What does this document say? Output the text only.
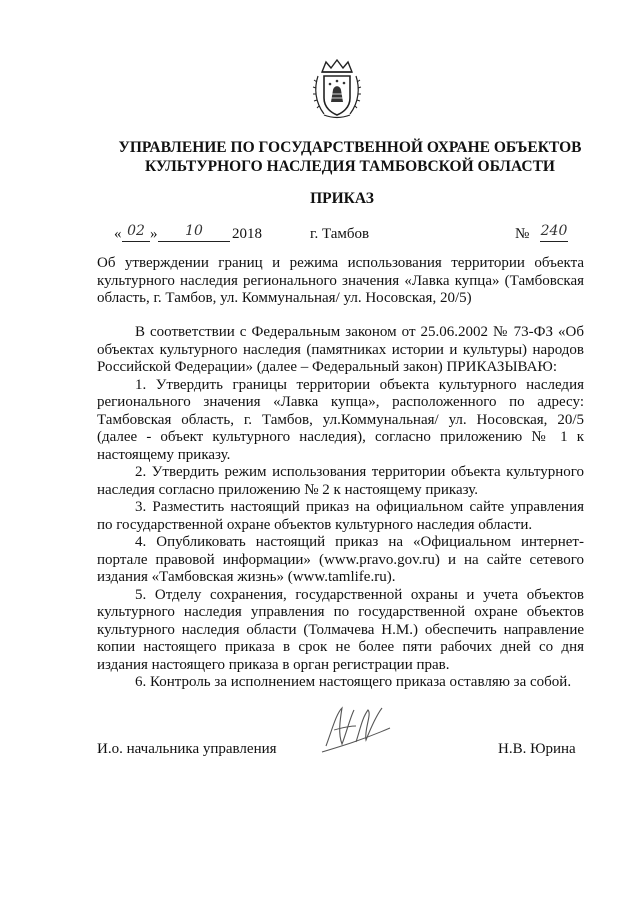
УПРАВЛЕНИЕ ПО ГОСУДАРСТВЕННОЙ ОХРАНЕ ОБЪЕКТОВ
КУЛЬТУРНОГО НАСЛЕДИЯ ТАМБОВСКОЙ ОБЛАСТИ
ПРИКАЗ
« 02 »	10	2018	г. Тамбов	№ 240
Об утверждении границ и режима использования территории объекта культурного наследия регионального значения «Лавка купца» (Тамбовская область, г. Тамбов, ул. Коммунальная/ ул. Носовская, 20/5)

В соответствии с Федеральным законом от 25.06.2002 № 73-ФЗ «Об объектах культурного наследия (памятниках истории и культуры) народов Российской Федерации» (далее – Федеральный закон) ПРИКАЗЫВАЮ:

1. Утвердить границы территории объекта культурного наследия регионального значения «Лавка купца», расположенного по адресу: Тамбовская область, г. Тамбов, ул.Коммунальная/ ул. Носовская, 20/5 (далее - объект культурного наследия), согласно приложению № 1 к настоящему приказу.

2. Утвердить режим использования территории объекта культурного наследия согласно приложению № 2 к настоящему приказу.

3. Разместить настоящий приказ на официальном сайте управления по государственной охране объектов культурного наследия области.

4. Опубликовать настоящий приказ на «Официальном интернет-портале правовой информации» (www.pravo.gov.ru) и на сайте сетевого издания «Тамбовская жизнь» (www.tamlife.ru).

5. Отделу сохранения, государственной охраны и учета объектов культурного наследия управления по государственной охране объектов культурного наследия области (Толмачева Н.М.) обеспечить направление копии настоящего приказа в срок не более пяти рабочих дней со дня издания настоящего приказа в орган регистрации прав.

6. Контроль за исполнением настоящего приказа оставляю за собой.

И.о. начальника управления	Н.В. Юрина
